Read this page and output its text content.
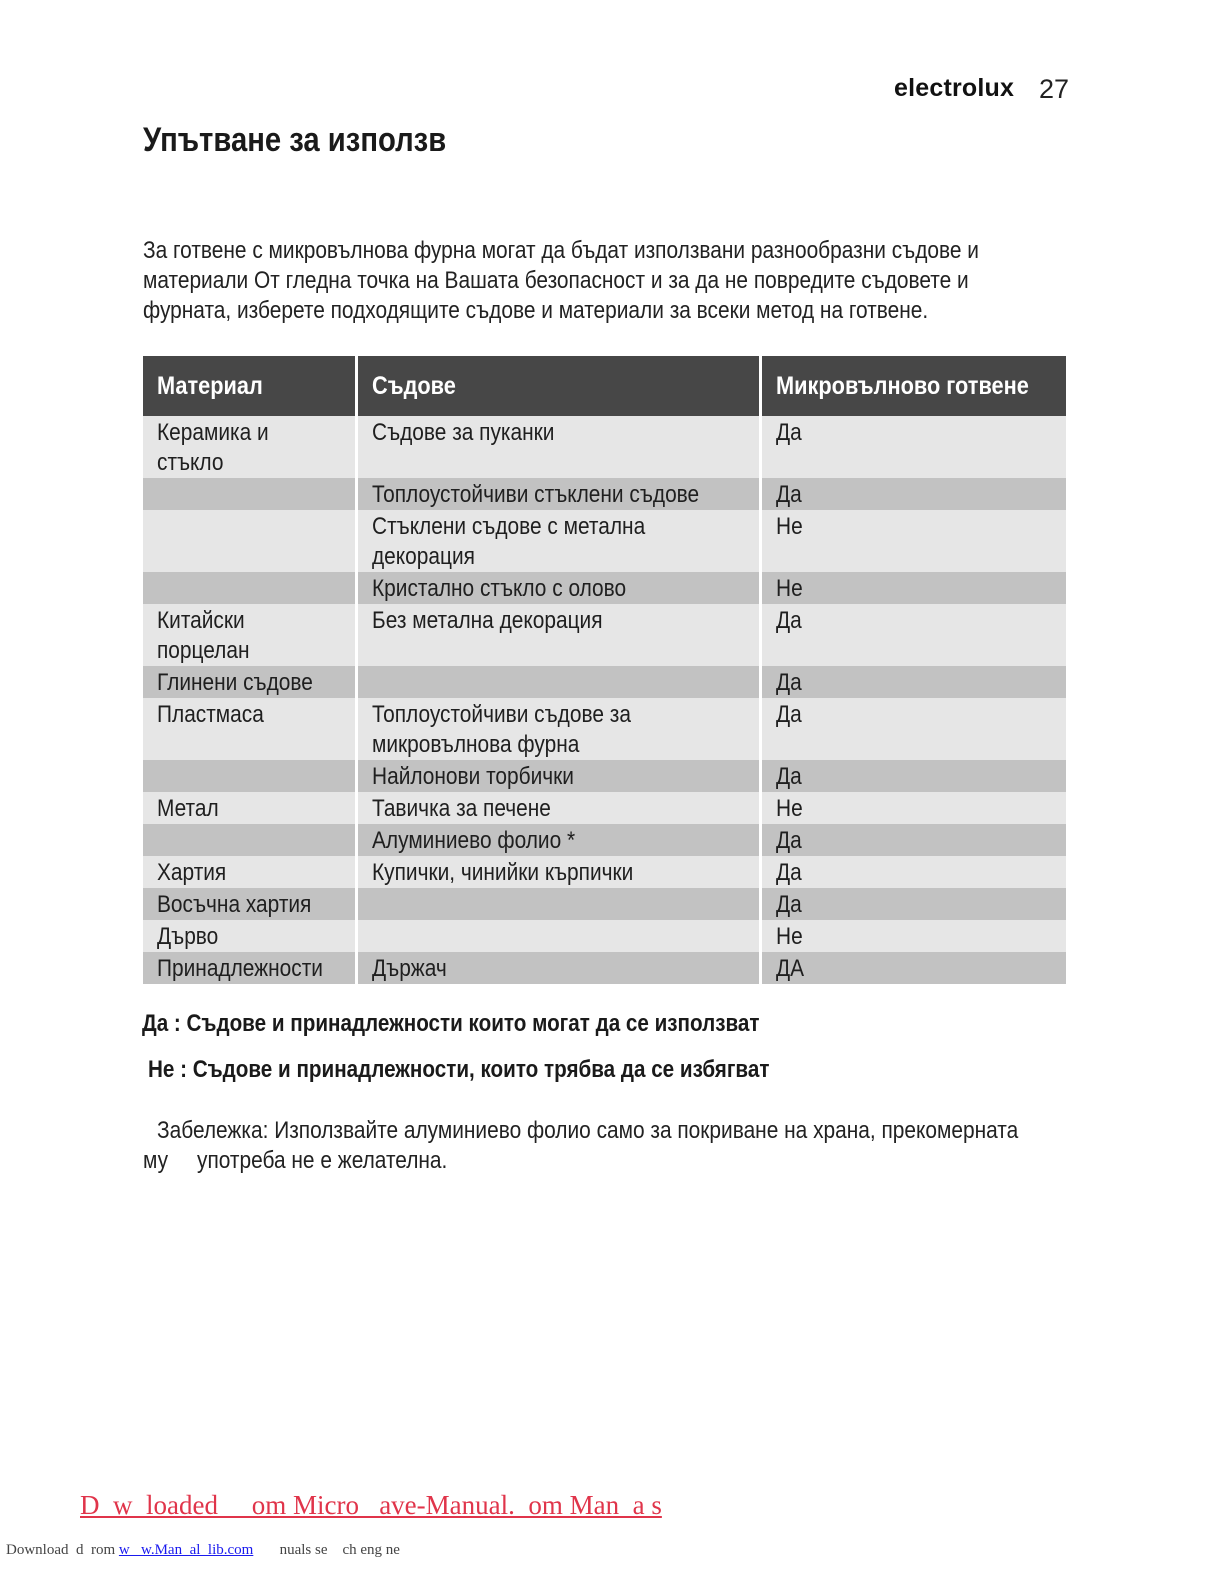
electrolux 27
Упътване за използв
За готвене с микровълнова фурна могат да бъдат използвани разнообразни съдове и
материали От гледна точка на Вашата безопасност и за да не повредите съдовете и
фурната, изберете подходящите съдове и материали за всеки метод на готвене.
Материал	Съдове	Микровълново готвене
Керамика и стъкло	Съдове за пуканки	Да
	Топлоустойчиви стъклени съдове	Да
	Стъклени съдове с метална декорация	Не
	Кристално стъкло с олово	Не
Китайски порцелан	Без метална декорация	Да
Глинени съдове		Да
Пластмаса	Топлоустойчиви съдове за микровълнова фурна	Да
	Найлонови торбички	Да
Метал	Тавичка за печене	Не
	Алуминиево фолио *	Да
Хартия	Купички, чинийки кърпички	Да
Восъчна хартия		Да
Дърво		Не
Принадлежности	Държач	ДА
Да : Съдове и принадлежности които могат да се използват
Не : Съдове и принадлежности, които трябва да се избягват
Забележка: Използвайте алуминиево фолио само за покриване на храна, прекомерната
му     употреба не е желателна.
D  w  loaded     om Micro   ave-Manual.  om Man  a s
Download  d  rom w   w.Man  al  lib.com       nuals se    ch eng ne
